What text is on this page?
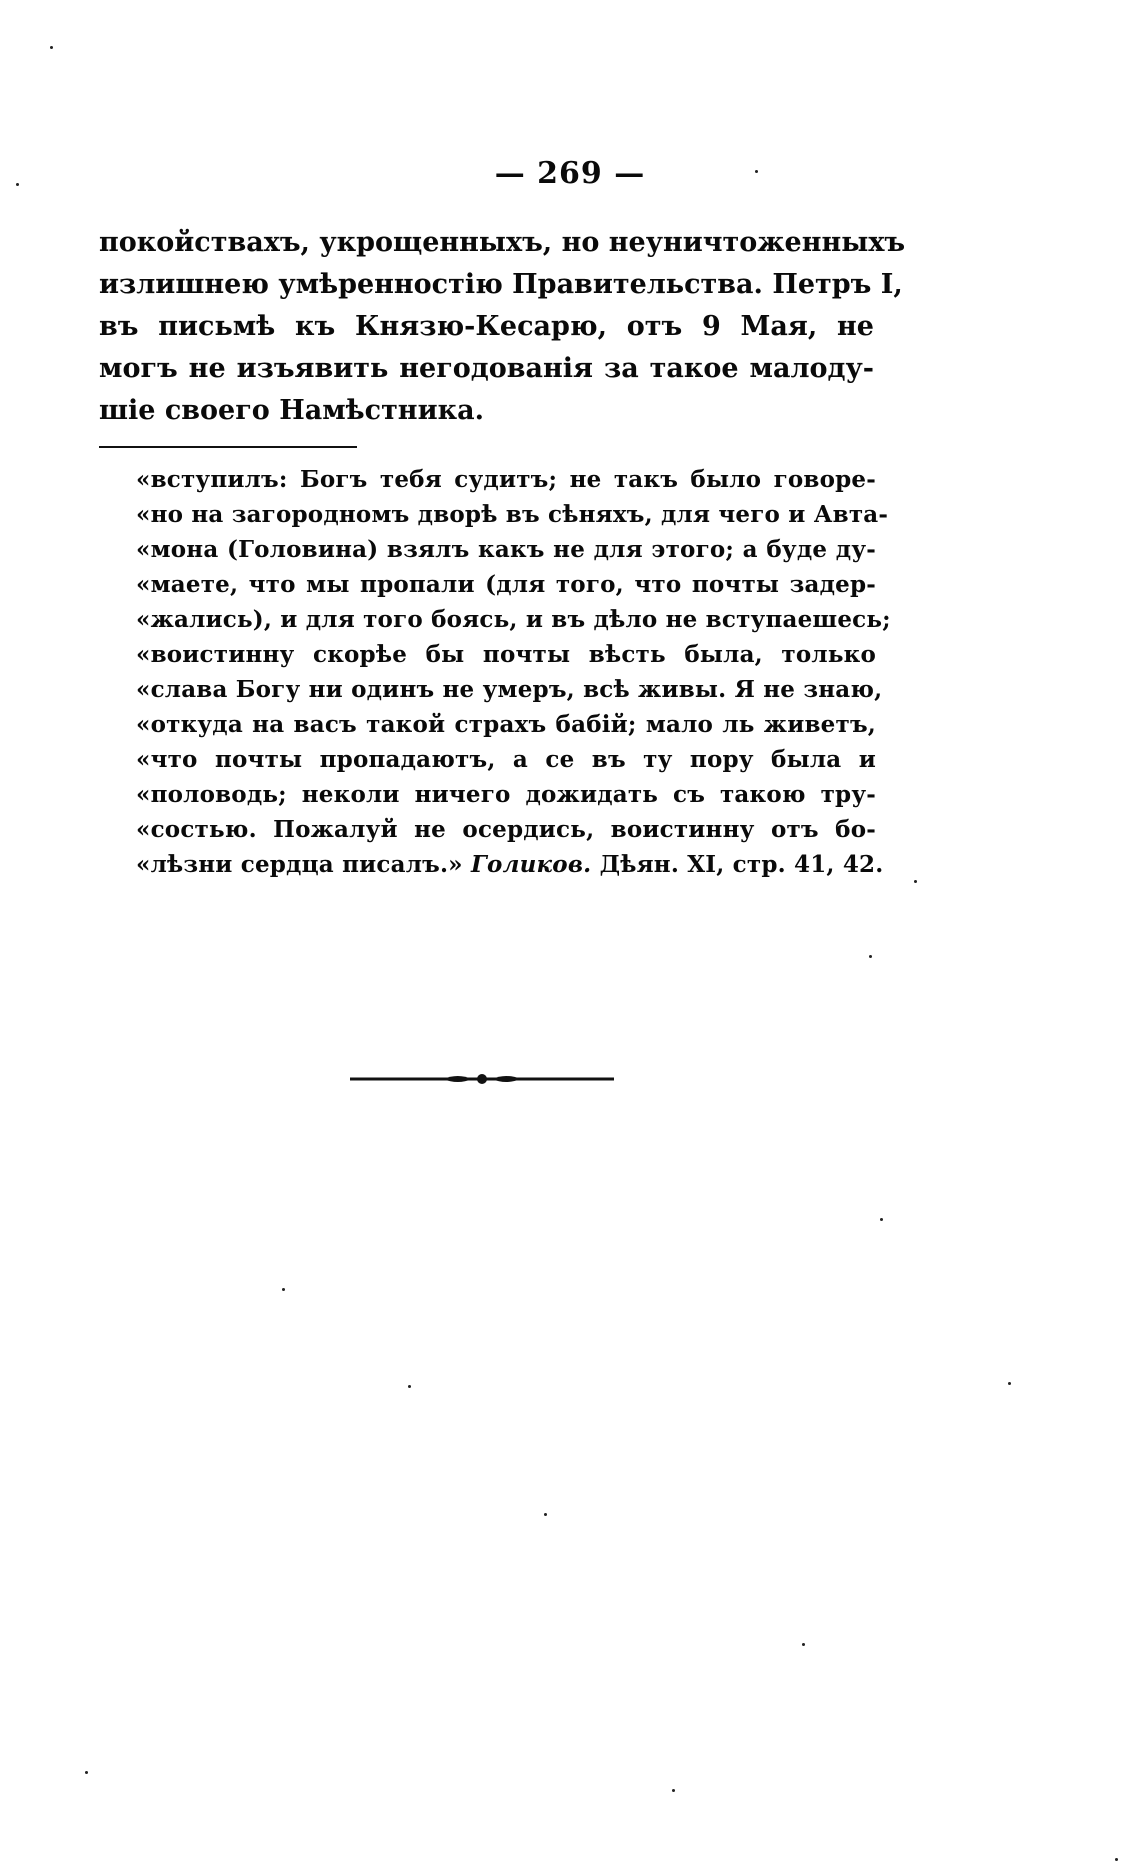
— 269 —
покойствахъ, укрощенныхъ, но неуничтоженныхъ
излишнею умѣренностію Правительства. Петръ I,
въ письмѣ къ Князю-Кесарю, отъ 9 Мая, не
могъ не изъявить негодованія за такое малоду-
шіе своего Намѣстника.
«вступилъ: Богъ тебя судитъ; не такъ было говоре-
«но на загородномъ дворѣ въ сѣняхъ, для чего и Авта-
«мона (Головина) взялъ какъ не для этого; а буде ду-
«маете, что мы пропали (для того, что почты задер-
«жались), и для того боясь, и въ дѣло не вступаешесь;
«воистинну скорѣе бы почты вѣсть была, только
«слава Богу ни одинъ не умеръ, всѣ живы. Я не знаю,
«откуда на васъ такой страхъ бабій; мало ль живетъ,
«что почты пропадаютъ, а се въ ту пору была и
«половодь; неколи ничего дожидать съ такою тру-
«состью. Пожалуй не осердись, воистинну отъ бо-
«лѣзни сердца писалъ.» Голиков. Дѣян. XI, стр. 41, 42.
